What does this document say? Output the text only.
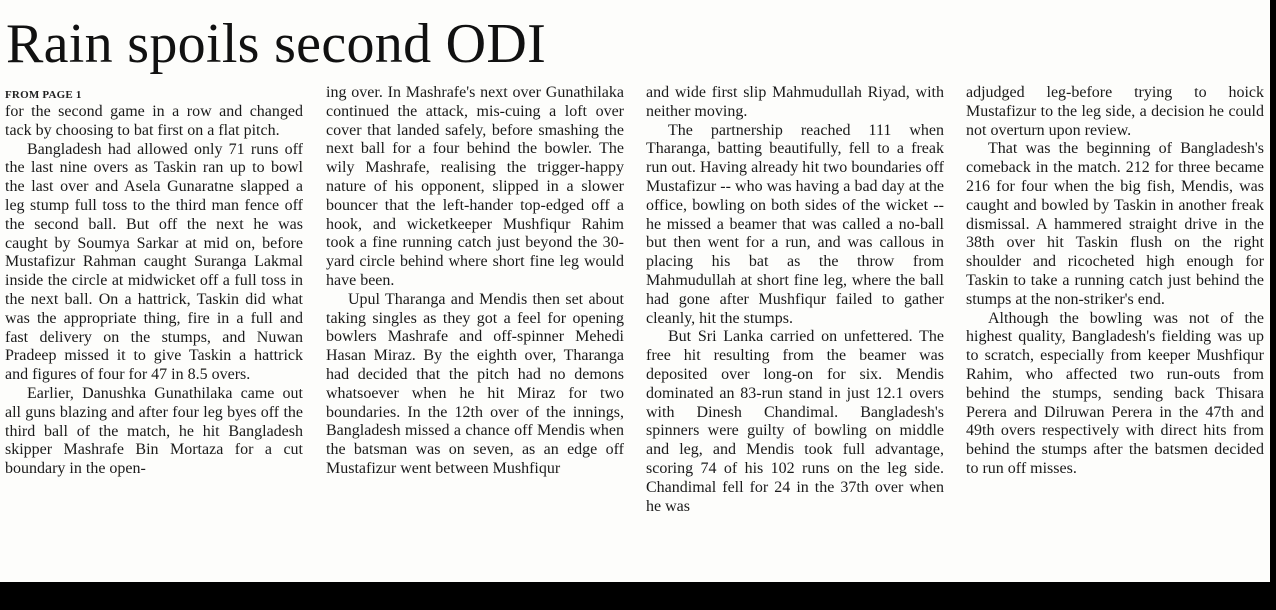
Rain spoils second ODI
FROM PAGE 1

for the second game in a row and changed tack by choosing to bat first on a flat pitch.

Bangladesh had allowed only 71 runs off the last nine overs as Taskin ran up to bowl the last over and Asela Gunaratne slapped a leg stump full toss to the third man fence off the second ball. But off the next he was caught by Soumya Sarkar at mid on, before Mustafizur Rahman caught Suranga Lakmal inside the circle at midwicket off a full toss in the next ball. On a hattrick, Taskin did what was the appropriate thing, fire in a full and fast delivery on the stumps, and Nuwan Pradeep missed it to give Taskin a hattrick and figures of four for 47 in 8.5 overs.

Earlier, Danushka Gunathilaka came out all guns blazing and after four leg byes off the third ball of the match, he hit Bangladesh skipper Mashrafe Bin Mortaza for a cut boundary in the open-

ing over. In Mashrafe's next over Gunathilaka continued the attack, mis-cuing a loft over cover that landed safely, before smashing the next ball for a four behind the bowler. The wily Mashrafe, realising the trigger-happy nature of his opponent, slipped in a slower bouncer that the left-hander top-edged off a hook, and wicketkeeper Mushfiqur Rahim took a fine running catch just beyond the 30-yard circle behind where short fine leg would have been.

Upul Tharanga and Mendis then set about taking singles as they got a feel for opening bowlers Mashrafe and off-spinner Mehedi Hasan Miraz. By the eighth over, Tharanga had decided that the pitch had no demons whatsoever when he hit Miraz for two boundaries. In the 12th over of the innings, Bangladesh missed a chance off Mendis when the batsman was on seven, as an edge off Mustafizur went between Mushfiqur

and wide first slip Mahmudullah Riyad, with neither moving.

The partnership reached 111 when Tharanga, batting beautifully, fell to a freak run out. Having already hit two boundaries off Mustafizur -- who was having a bad day at the office, bowling on both sides of the wicket -- he missed a beamer that was called a no-ball but then went for a run, and was callous in placing his bat as the throw from Mahmudullah at short fine leg, where the ball had gone after Mushfiqur failed to gather cleanly, hit the stumps.

But Sri Lanka carried on unfettered. The free hit resulting from the beamer was deposited over long-on for six. Mendis dominated an 83-run stand in just 12.1 overs with Dinesh Chandimal. Bangladesh's spinners were guilty of bowling on middle and leg, and Mendis took full advantage, scoring 74 of his 102 runs on the leg side. Chandimal fell for 24 in the 37th over when he was

adjudged leg-before trying to hoick Mustafizur to the leg side, a decision he could not overturn upon review.

That was the beginning of Bangladesh's comeback in the match. 212 for three became 216 for four when the big fish, Mendis, was caught and bowled by Taskin in another freak dismissal. A hammered straight drive in the 38th over hit Taskin flush on the right shoulder and ricocheted high enough for Taskin to take a running catch just behind the stumps at the non-striker's end.

Although the bowling was not of the highest quality, Bangladesh's fielding was up to scratch, especially from keeper Mushfiqur Rahim, who affected two run-outs from behind the stumps, sending back Thisara Perera and Dilruwan Perera in the 47th and 49th overs respectively with direct hits from behind the stumps after the batsmen decided to run off misses.
